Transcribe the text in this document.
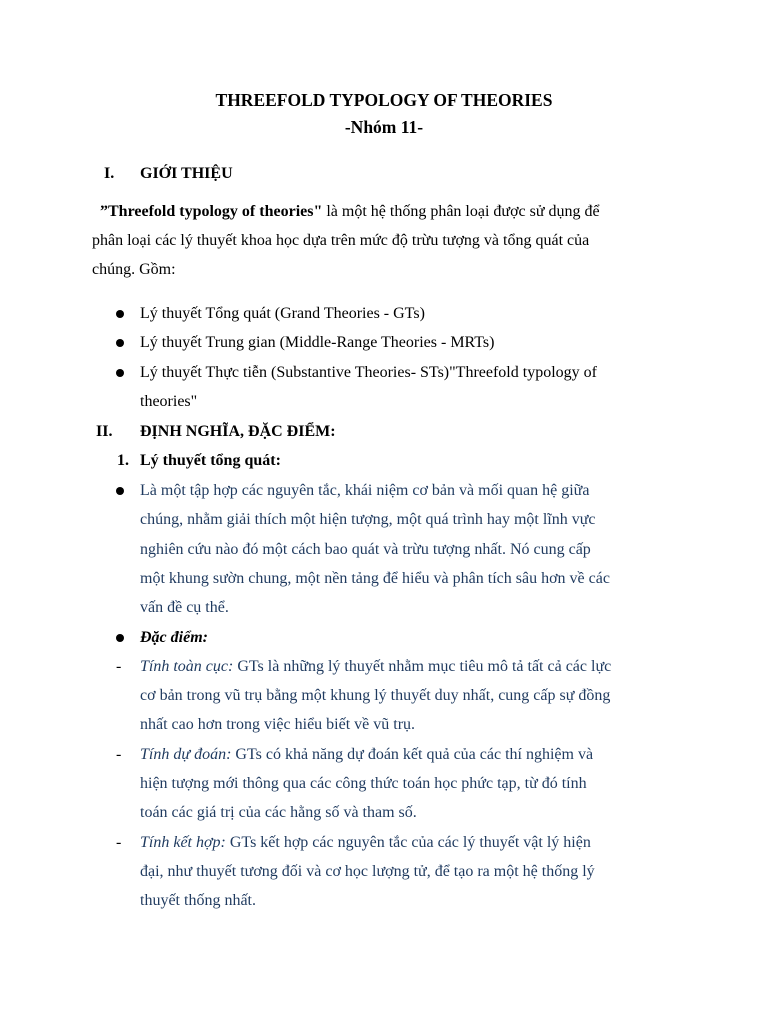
THREEFOLD TYPOLOGY OF THEORIES
-Nhóm 11-
I. GIỚI THIỆU
”Threefold typology of theories" là một hệ thống phân loại được sử dụng để
phân loại các lý thuyết khoa học dựa trên mức độ trừu tượng và tổng quát của
chúng. Gồm:
Lý thuyết Tổng quát (Grand Theories - GTs)
Lý thuyết Trung gian (Middle-Range Theories - MRTs)
Lý thuyết Thực tiễn (Substantive Theories- STs)"Threefold typology of
theories"
II. ĐỊNH NGHĨA, ĐẶC ĐIỂM:
1. Lý thuyết tổng quát:
Là một tập hợp các nguyên tắc, khái niệm cơ bản và mối quan hệ giữa
chúng, nhằm giải thích một hiện tượng, một quá trình hay một lĩnh vực
nghiên cứu nào đó một cách bao quát và trừu tượng nhất. Nó cung cấp
một khung sườn chung, một nền tảng để hiểu và phân tích sâu hơn về các
vấn đề cụ thể.
Đặc điểm:
- Tính toàn cục: GTs là những lý thuyết nhằm mục tiêu mô tả tất cả các lực
cơ bản trong vũ trụ bằng một khung lý thuyết duy nhất, cung cấp sự đồng
nhất cao hơn trong việc hiểu biết về vũ trụ.
- Tính dự đoán: GTs có khả năng dự đoán kết quả của các thí nghiệm và
hiện tượng mới thông qua các công thức toán học phức tạp, từ đó tính
toán các giá trị của các hằng số và tham số.
- Tính kết hợp: GTs kết hợp các nguyên tắc của các lý thuyết vật lý hiện
đại, như thuyết tương đối và cơ học lượng tử, để tạo ra một hệ thống lý
thuyết thống nhất.
